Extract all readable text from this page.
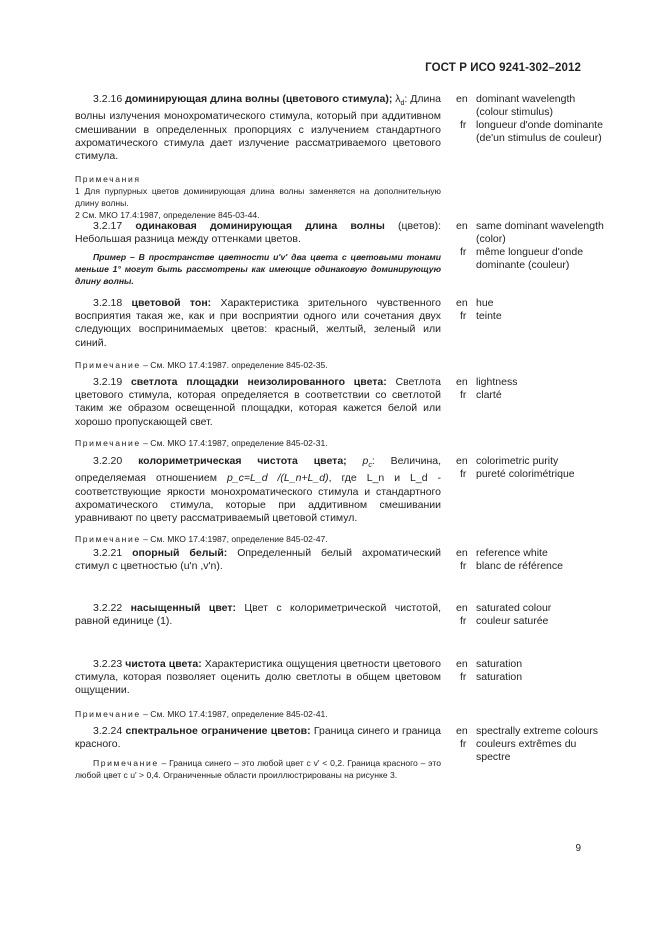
ГОСТ Р ИСО 9241-302–2012

3.2.16 доминирующая длина волны (цветового стимула); $\lambda_d$: Длина волны излучения монохроматического стимула, который при аддитивном смешивании в определенных пропорциях с излучением стандартного ахроматического стимула дает излучение рассматриваемого цветового стимула.

Примечания

1 Для пурпурных цветов доминирующая длина волны заменяется на дополнительную длину волны.

2 См. МКО 17.4:1987, определение 845-03-44.

en dominant wavelength (colour stimulus)
fr longueur d'onde dominante (de'un stimulus de couleur)

3.2.17 одинаковая доминирующая длина волны (цветов): Небольшая разница между оттенками цветов.

Пример – В пространстве цветности u'v' два цвета с цветовыми тонами меньше 1° могут быть рассмотрены как имеющие одинаковую доминирующую длину волны.

en same dominant wavelength (color)
fr même longueur d'onde dominante (couleur)

3.2.18 цветовой тон: Характеристика зрительного чувственного восприятия такая же, как и при восприятии одного или сочетания двух следующих воспринимаемых цветов: красный, желтый, зеленый или синий.

Примечание – См. МКО 17.4:1987. определение 845-02-35.

en hue
fr teinte

3.2.19 светлота площадки неизолированного цвета: Светлота цветового стимула, которая определяется в соответствии со светлотой таким же образом освещенной площадки, которая кажется белой или хорошо пропускающей свет.

Примечание – См. МКО 17.4:1987, определение 845-02-31.

en lightness
fr clarté

3.2.20 колориметрическая чистота цвета; $p_c$: Величина, определяемая отношением p_c=L_d /(L_n+L_d), где L_n и L_d - соответствующие яркости монохроматического стимула и стандартного ахроматического стимула, которые при аддитивном смешивании уравнивают по цвету рассматриваемый цветовой стимул.

Примечание – См. МКО 17.4:1987, определение 845-02-47.

en colorimetric purity
fr pureté colorimétrique

3.2.21 опорный белый: Определенный белый ахроматический стимул с цветностью (u'n ,v'n).

en reference white
fr blanc de référence

3.2.22 насыщенный цвет: Цвет с колориметрической чистотой, равной единице (1).

en saturated colour
fr couleur saturée

3.2.23 чистота цвета: Характеристика ощущения цветности цветового стимула, которая позволяет оценить долю светлоты в общем цветовом ощущении.

Примечание – См. МКО 17.4:1987, определение 845-02-41.

en saturation
fr saturation

3.2.24 спектральное ограничение цветов: Граница синего и граница красного.

Примечание – Граница синего – это любой цвет с v' < 0,2. Граница красного – это любой цвет с u' > 0,4. Ограниченные области проиллюстрированы на рисунке 3.

en spectrally extreme colours
fr couleurs extrêmes du spectre
9
